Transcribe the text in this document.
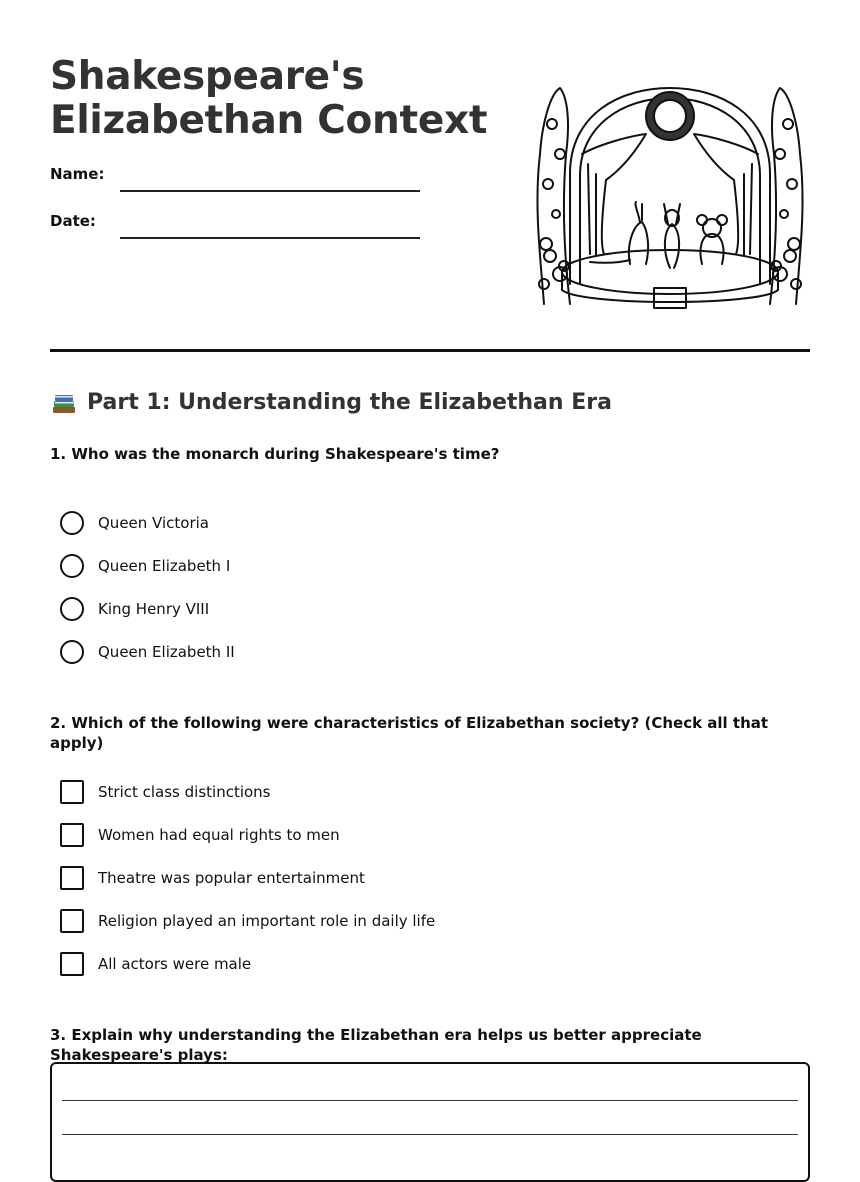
Shakespeare's
Elizabethan Context
Name:
Date:
Part 1: Understanding the Elizabethan Era

1. Who was the monarch during Shakespeare's time?

Queen Victoria
Queen Elizabeth I
King Henry VIII
Queen Elizabeth II

2. Which of the following were characteristics of Elizabethan society? (Check all that apply)

Strict class distinctions
Women had equal rights to men
Theatre was popular entertainment
Religion played an important role in daily life
All actors were male

3. Explain why understanding the Elizabethan era helps us better appreciate Shakespeare's plays:
